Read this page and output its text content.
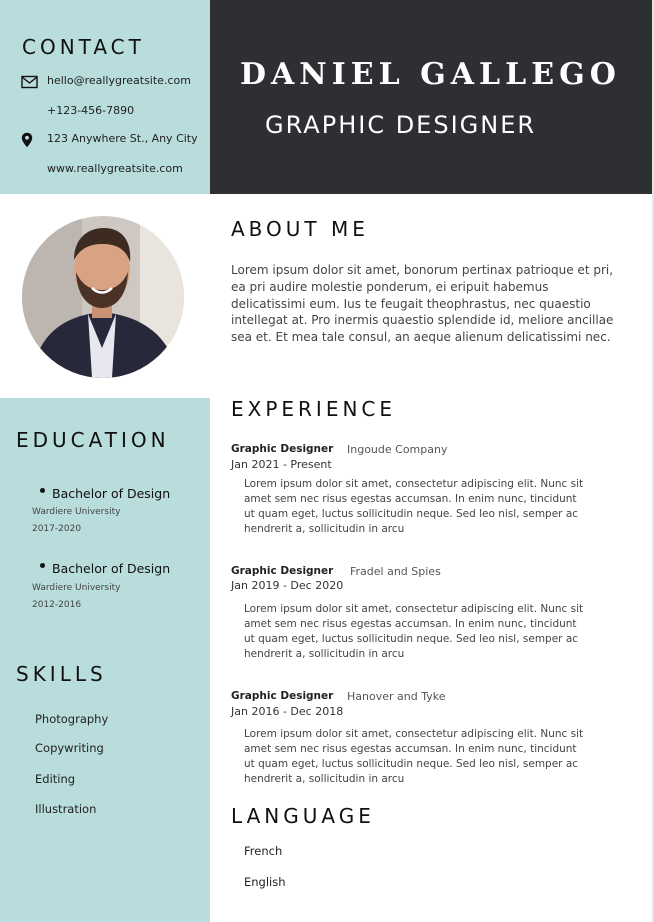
CONTACT
hello@reallygreatsite.com
+123-456-7890
123 Anywhere St., Any City
www.reallygreatsite.com
DANIEL GALLEGO
GRAPHIC DESIGNER
EDUCATION
Bachelor of Design
Wardiere University
2017-2020
Bachelor of Design
Wardiere University
2012-2016
SKILLS
Photography
Copywriting
Editing
Illustration
ABOUT ME
Lorem ipsum dolor sit amet, bonorum pertinax patrioque et pri, ea pri audire molestie ponderum, ei eripuit habemus delicatissimi eum. Ius te feugait theophrastus, nec quaestio intellegat at. Pro inermis quaestio splendide id, meliore ancillae sea et. Et mea tale consul, an aeque alienum delicatissimi nec.
EXPERIENCE
Graphic Designer Ingoude Company
Jan 2021 - Present
Lorem ipsum dolor sit amet, consectetur adipiscing elit. Nunc sit amet sem nec risus egestas accumsan. In enim nunc, tincidunt ut quam eget, luctus sollicitudin neque. Sed leo nisl, semper ac hendrerit a, sollicitudin in arcu
Graphic Designer Fradel and Spies
Jan 2019 - Dec 2020
Lorem ipsum dolor sit amet, consectetur adipiscing elit. Nunc sit amet sem nec risus egestas accumsan. In enim nunc, tincidunt ut quam eget, luctus sollicitudin neque. Sed leo nisl, semper ac hendrerit a, sollicitudin in arcu
Graphic Designer Hanover and Tyke
Jan 2016 - Dec 2018
Lorem ipsum dolor sit amet, consectetur adipiscing elit. Nunc sit amet sem nec risus egestas accumsan. In enim nunc, tincidunt ut quam eget, luctus sollicitudin neque. Sed leo nisl, semper ac hendrerit a, sollicitudin in arcu
LANGUAGE
French
English
